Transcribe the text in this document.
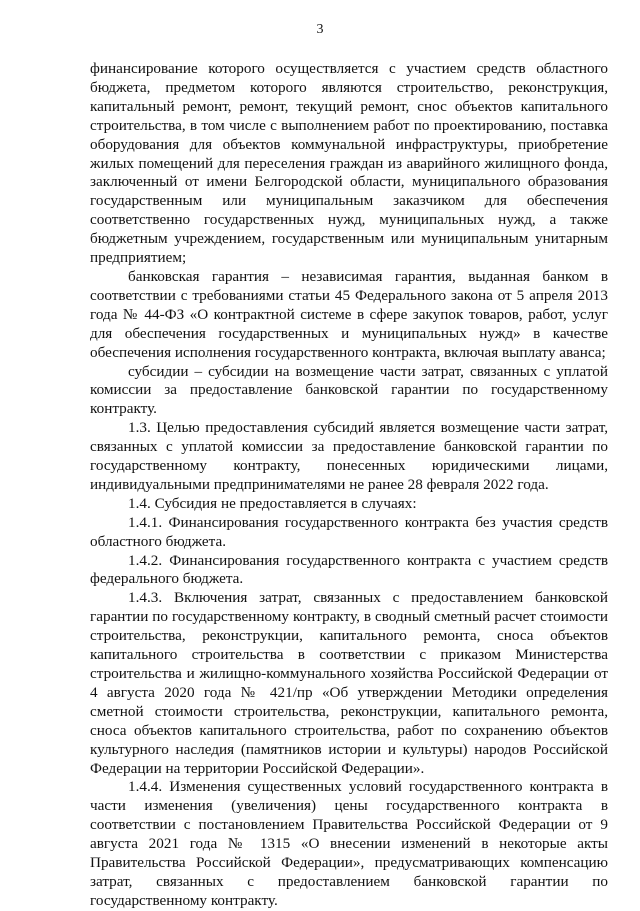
3

финансирование которого осуществляется с участием средств областного бюджета, предметом которого являются строительство, реконструкция, капитальный ремонт, ремонт, текущий ремонт, снос объектов капитального строительства, в том числе с выполнением работ по проектированию, поставка оборудования для объектов коммунальной инфраструктуры, приобретение жилых помещений для переселения граждан из аварийного жилищного фонда, заключенный от имени Белгородской области, муниципального образования государственным или муниципальным заказчиком для обеспечения соответственно государственных нужд, муниципальных нужд, а также бюджетным учреждением, государственным или муниципальным унитарным предприятием;

банковская гарантия – независимая гарантия, выданная банком в соответствии с требованиями статьи 45 Федерального закона от 5 апреля 2013 года № 44-ФЗ «О контрактной системе в сфере закупок товаров, работ, услуг для обеспечения государственных и муниципальных нужд» в качестве обеспечения исполнения государственного контракта, включая выплату аванса;

субсидии – субсидии на возмещение части затрат, связанных с уплатой комиссии за предоставление банковской гарантии по государственному контракту.

1.3. Целью предоставления субсидий является возмещение части затрат, связанных с уплатой комиссии за предоставление банковской гарантии по государственному контракту, понесенных юридическими лицами, индивидуальными предпринимателями не ранее 28 февраля 2022 года.

1.4. Субсидия не предоставляется в случаях:

1.4.1. Финансирования государственного контракта без участия средств областного бюджета.

1.4.2. Финансирования государственного контракта с участием средств федерального бюджета.

1.4.3. Включения затрат, связанных с предоставлением банковской гарантии по государственному контракту, в сводный сметный расчет стоимости строительства, реконструкции, капитального ремонта, сноса объектов капитального строительства в соответствии с приказом Министерства строительства и жилищно-коммунального хозяйства Российской Федерации от 4 августа 2020 года № 421/пр «Об утверждении Методики определения сметной стоимости строительства, реконструкции, капитального ремонта, сноса объектов капитального строительства, работ по сохранению объектов культурного наследия (памятников истории и культуры) народов Российской Федерации на территории Российской Федерации».

1.4.4. Изменения существенных условий государственного контракта в части изменения (увеличения) цены государственного контракта в соответствии с постановлением Правительства Российской Федерации от 9 августа 2021 года № 1315 «О внесении изменений в некоторые акты Правительства Российской Федерации», предусматривающих компенсацию затрат, связанных с предоставлением банковской гарантии по государственному контракту.
